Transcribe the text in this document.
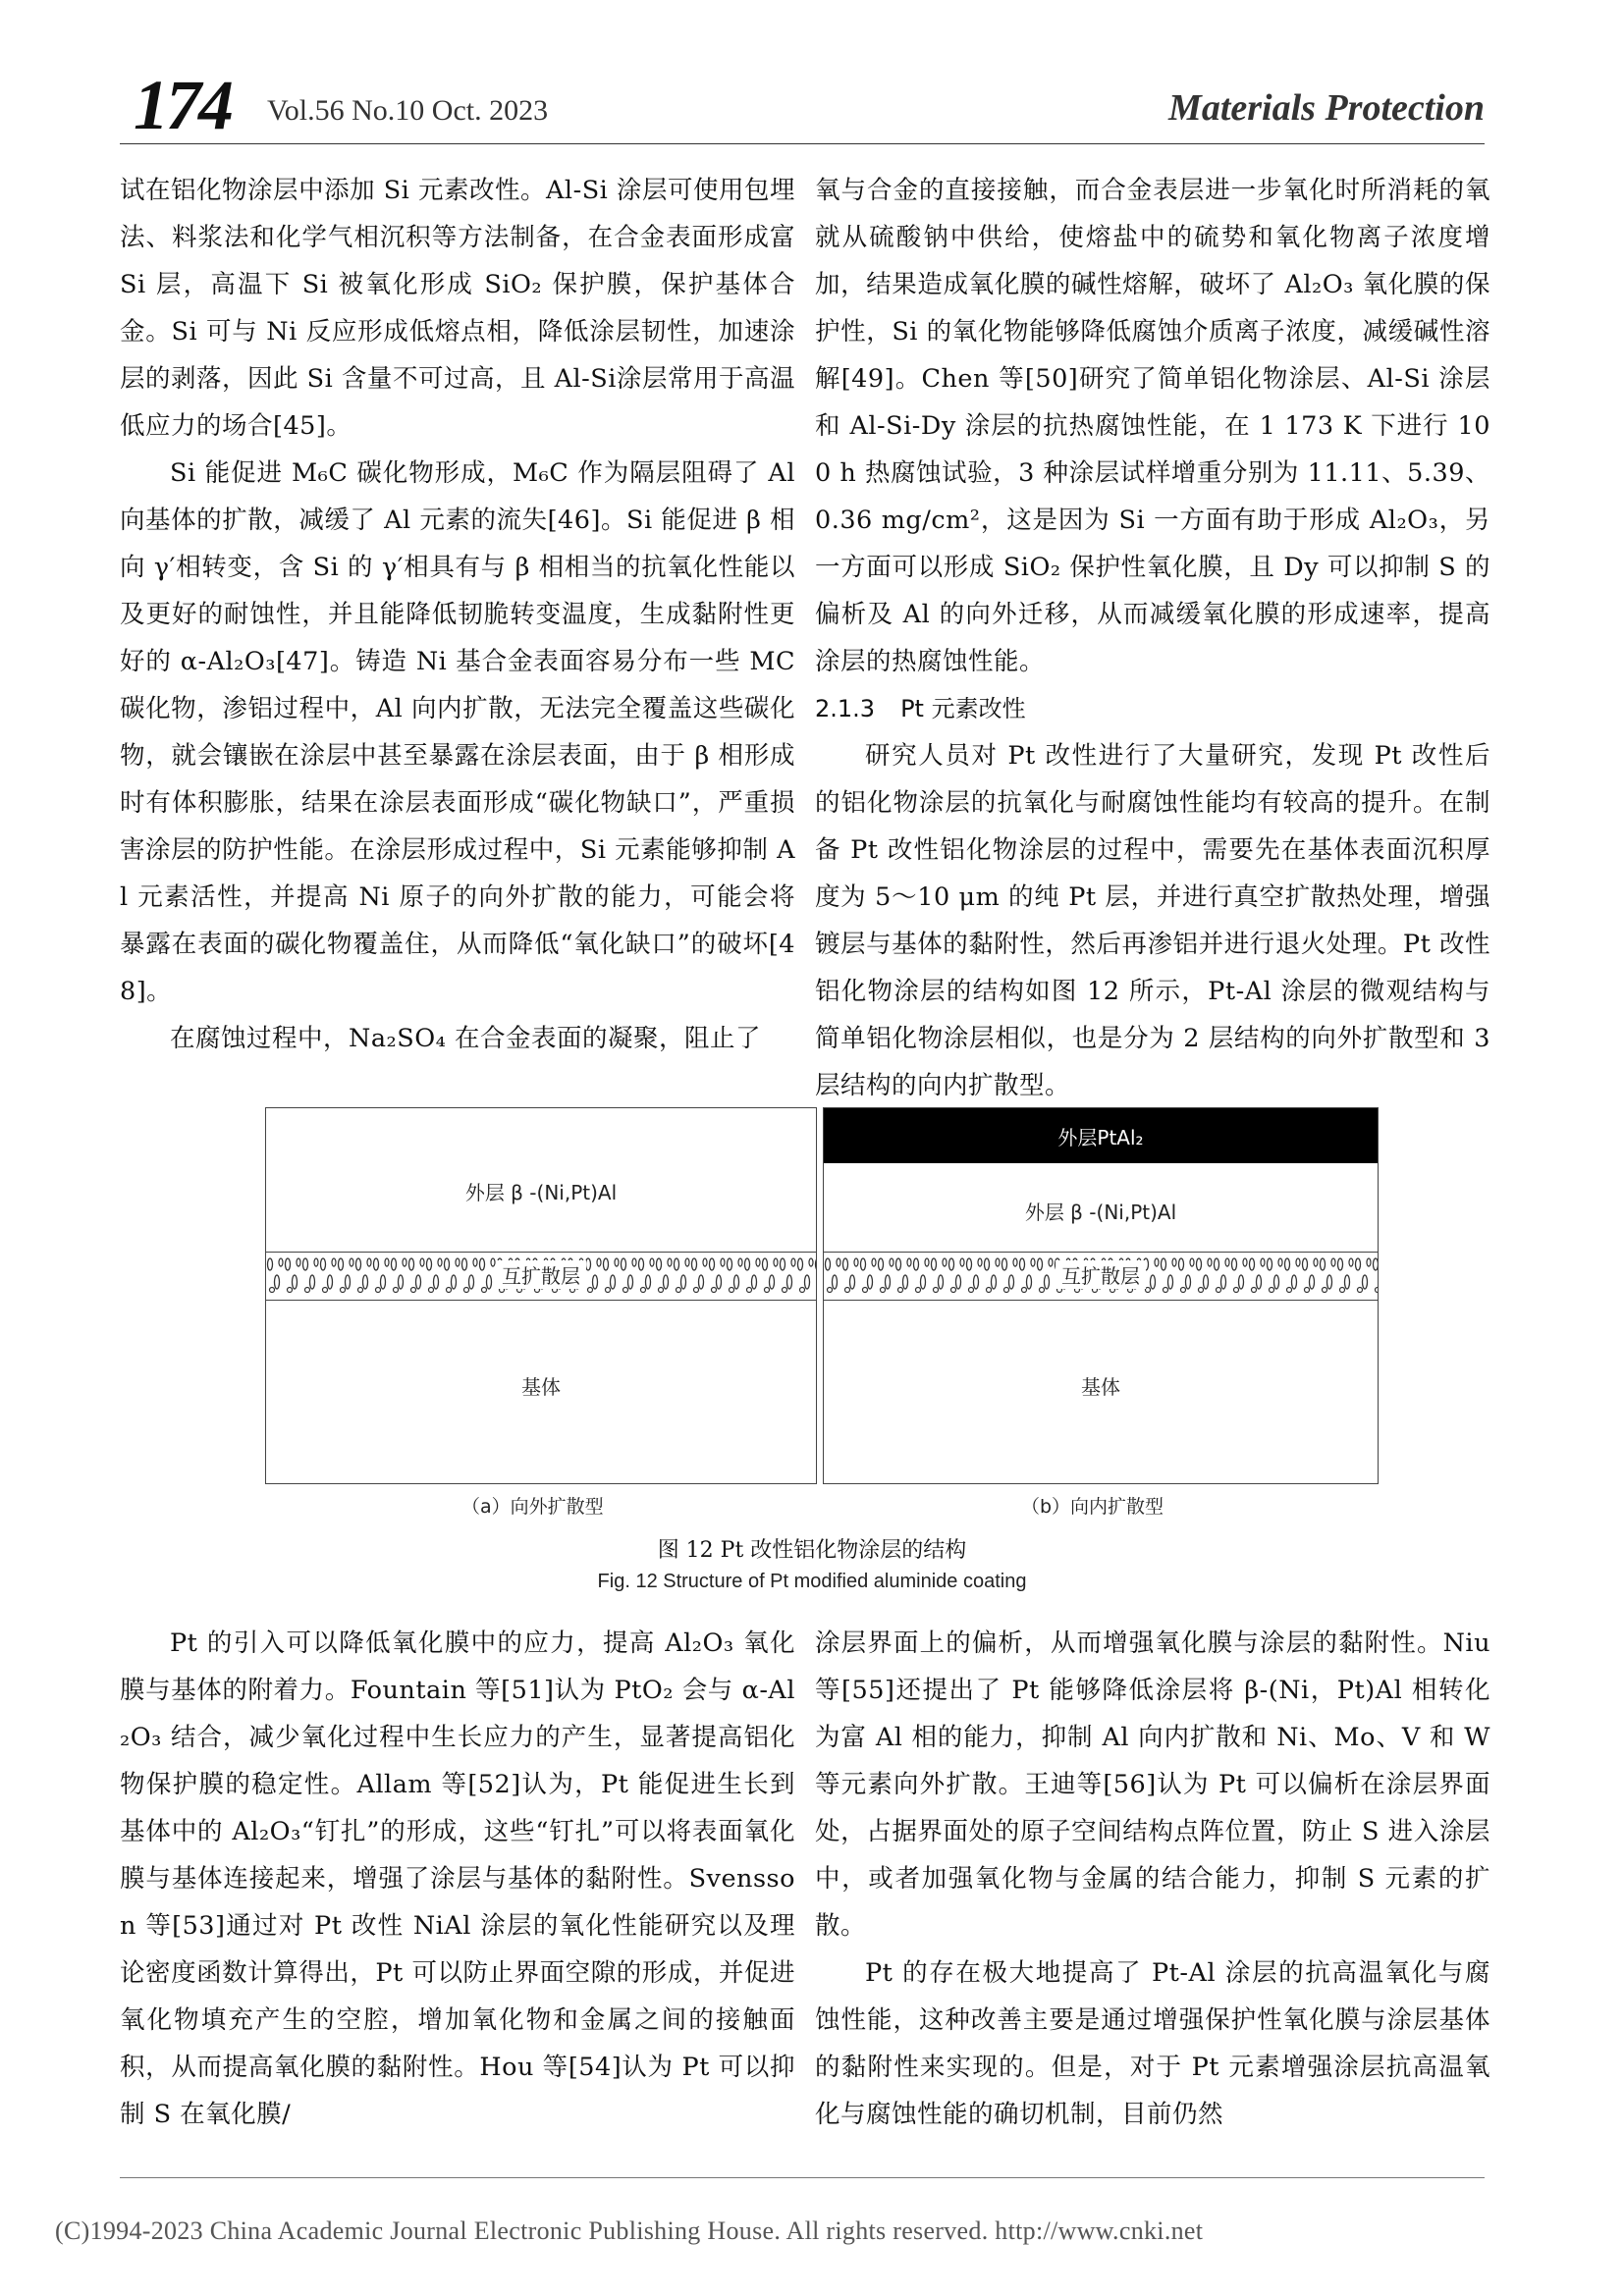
174 Vol.56 No.10 Oct. 2023	Materials Protection

试在铝化物涂层中添加 Si 元素改性。Al-Si 涂层可使用包埋法、料浆法和化学气相沉积等方法制备，在合金表面形成富 Si 层，高温下 Si 被氧化形成 SiO₂ 保护膜，保护基体合金。Si 可与 Ni 反应形成低熔点相，降低涂层韧性，加速涂层的剥落，因此 Si 含量不可过高，且 Al-Si涂层常用于高温低应力的场合[45]。

Si 能促进 M₆C 碳化物形成，M₆C 作为隔层阻碍了 Al 向基体的扩散，减缓了 Al 元素的流失[46]。Si 能促进 β 相向 γ′相转变，含 Si 的 γ′相具有与 β 相相当的抗氧化性能以及更好的耐蚀性，并且能降低韧脆转变温度，生成黏附性更好的 α-Al₂O₃[47]。铸造 Ni 基合金表面容易分布一些 MC 碳化物，渗铝过程中，Al 向内扩散，无法完全覆盖这些碳化物，就会镶嵌在涂层中甚至暴露在涂层表面，由于 β 相形成时有体积膨胀，结果在涂层表面形成“碳化物缺口”，严重损害涂层的防护性能。在涂层形成过程中，Si 元素能够抑制 Al 元素活性，并提高 Ni 原子的向外扩散的能力，可能会将暴露在表面的碳化物覆盖住，从而降低“氧化缺口”的破坏[48]。

在腐蚀过程中，Na₂SO₄ 在合金表面的凝聚，阻止了

氧与合金的直接接触，而合金表层进一步氧化时所消耗的氧就从硫酸钠中供给，使熔盐中的硫势和氧化物离子浓度增加，结果造成氧化膜的碱性熔解，破坏了 Al₂O₃ 氧化膜的保护性，Si 的氧化物能够降低腐蚀介质离子浓度，减缓碱性溶解[49]。Chen 等[50]研究了简单铝化物涂层、Al-Si 涂层和 Al-Si-Dy 涂层的抗热腐蚀性能，在 1 173 K 下进行 100 h 热腐蚀试验，3 种涂层试样增重分别为 11.11、5.39、0.36 mg/cm²，这是因为 Si 一方面有助于形成 Al₂O₃，另一方面可以形成 SiO₂ 保护性氧化膜，且 Dy 可以抑制 S 的偏析及 Al 的向外迁移，从而减缓氧化膜的形成速率，提高涂层的热腐蚀性能。

2.1.3 Pt 元素改性

研究人员对 Pt 改性进行了大量研究，发现 Pt 改性后的铝化物涂层的抗氧化与耐腐蚀性能均有较高的提升。在制备 Pt 改性铝化物涂层的过程中，需要先在基体表面沉积厚度为 5～10 μm 的纯 Pt 层，并进行真空扩散热处理，增强镀层与基体的黏附性，然后再渗铝并进行退火处理。Pt 改性铝化物涂层的结构如图 12 所示，Pt-Al 涂层的微观结构与简单铝化物涂层相似，也是分为 2 层结构的向外扩散型和 3 层结构的向内扩散型。

外层 β -(Ni,Pt)Al
互扩散层
基体
外层PtAl₂
外层 β -(Ni,Pt)Al
互扩散层
基体
（a）向外扩散型	（b）向内扩散型
图 12 Pt 改性铝化物涂层的结构
Fig. 12 Structure of Pt modified aluminide coating

Pt 的引入可以降低氧化膜中的应力，提高 Al₂O₃ 氧化膜与基体的附着力。Fountain 等[51]认为 PtO₂ 会与 α-Al₂O₃ 结合，减少氧化过程中生长应力的产生，显著提高铝化物保护膜的稳定性。Allam 等[52]认为，Pt 能促进生长到基体中的 Al₂O₃“钉扎”的形成，这些“钉扎”可以将表面氧化膜与基体连接起来，增强了涂层与基体的黏附性。Svensson 等[53]通过对 Pt 改性 NiAl 涂层的氧化性能研究以及理论密度函数计算得出，Pt 可以防止界面空隙的形成，并促进氧化物填充产生的空腔，增加氧化物和金属之间的接触面积，从而提高氧化膜的黏附性。Hou 等[54]认为 Pt 可以抑制 S 在氧化膜/

涂层界面上的偏析，从而增强氧化膜与涂层的黏附性。Niu 等[55]还提出了 Pt 能够降低涂层将 β-(Ni，Pt)Al 相转化为富 Al 相的能力，抑制 Al 向内扩散和 Ni、Mo、V 和 W 等元素向外扩散。王迪等[56]认为 Pt 可以偏析在涂层界面处，占据界面处的原子空间结构点阵位置，防止 S 进入涂层中，或者加强氧化物与金属的结合能力，抑制 S 元素的扩散。

Pt 的存在极大地提高了 Pt-Al 涂层的抗高温氧化与腐蚀性能，这种改善主要是通过增强保护性氧化膜与涂层基体的黏附性来实现的。但是，对于 Pt 元素增强涂层抗高温氧化与腐蚀性能的确切机制，目前仍然

(C)1994-2023 China Academic Journal Electronic Publishing House. All rights reserved. http://www.cnki.net
